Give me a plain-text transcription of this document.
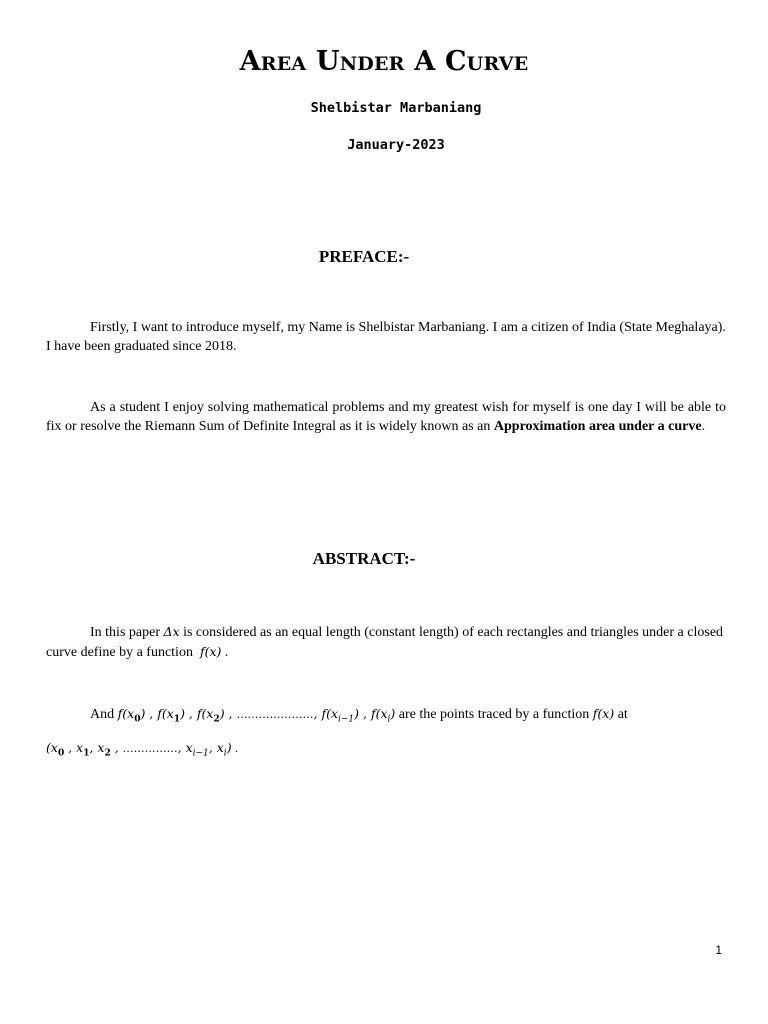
Area Under A Curve
Shelbistar Marbaniang
January-2023
PREFACE:-

Firstly, I want to introduce myself, my Name is Shelbistar Marbaniang. I am a citizen of India (State Meghalaya). I have been graduated since 2018.

As a student I enjoy solving mathematical problems and my greatest wish for myself is one day I will be able to fix or resolve the Riemann Sum of Definite Integral as it is widely known as an Approximation area under a curve.

ABSTRACT:-

In this paper Δx is considered as an equal length (constant length) of each rectangles and triangles under a closed curve define by a function  f(x) .

And $f(x_0)$ , $f(x_1)$ , $f(x_2)$ , …………………, $f(x_{i-1})$ , $f(x_i)$ are the points traced by a function f(x) at

($x_0$ , $x_1$, $x_2$ , ……………, $x_{i-1}$, $x_i$) .

1
